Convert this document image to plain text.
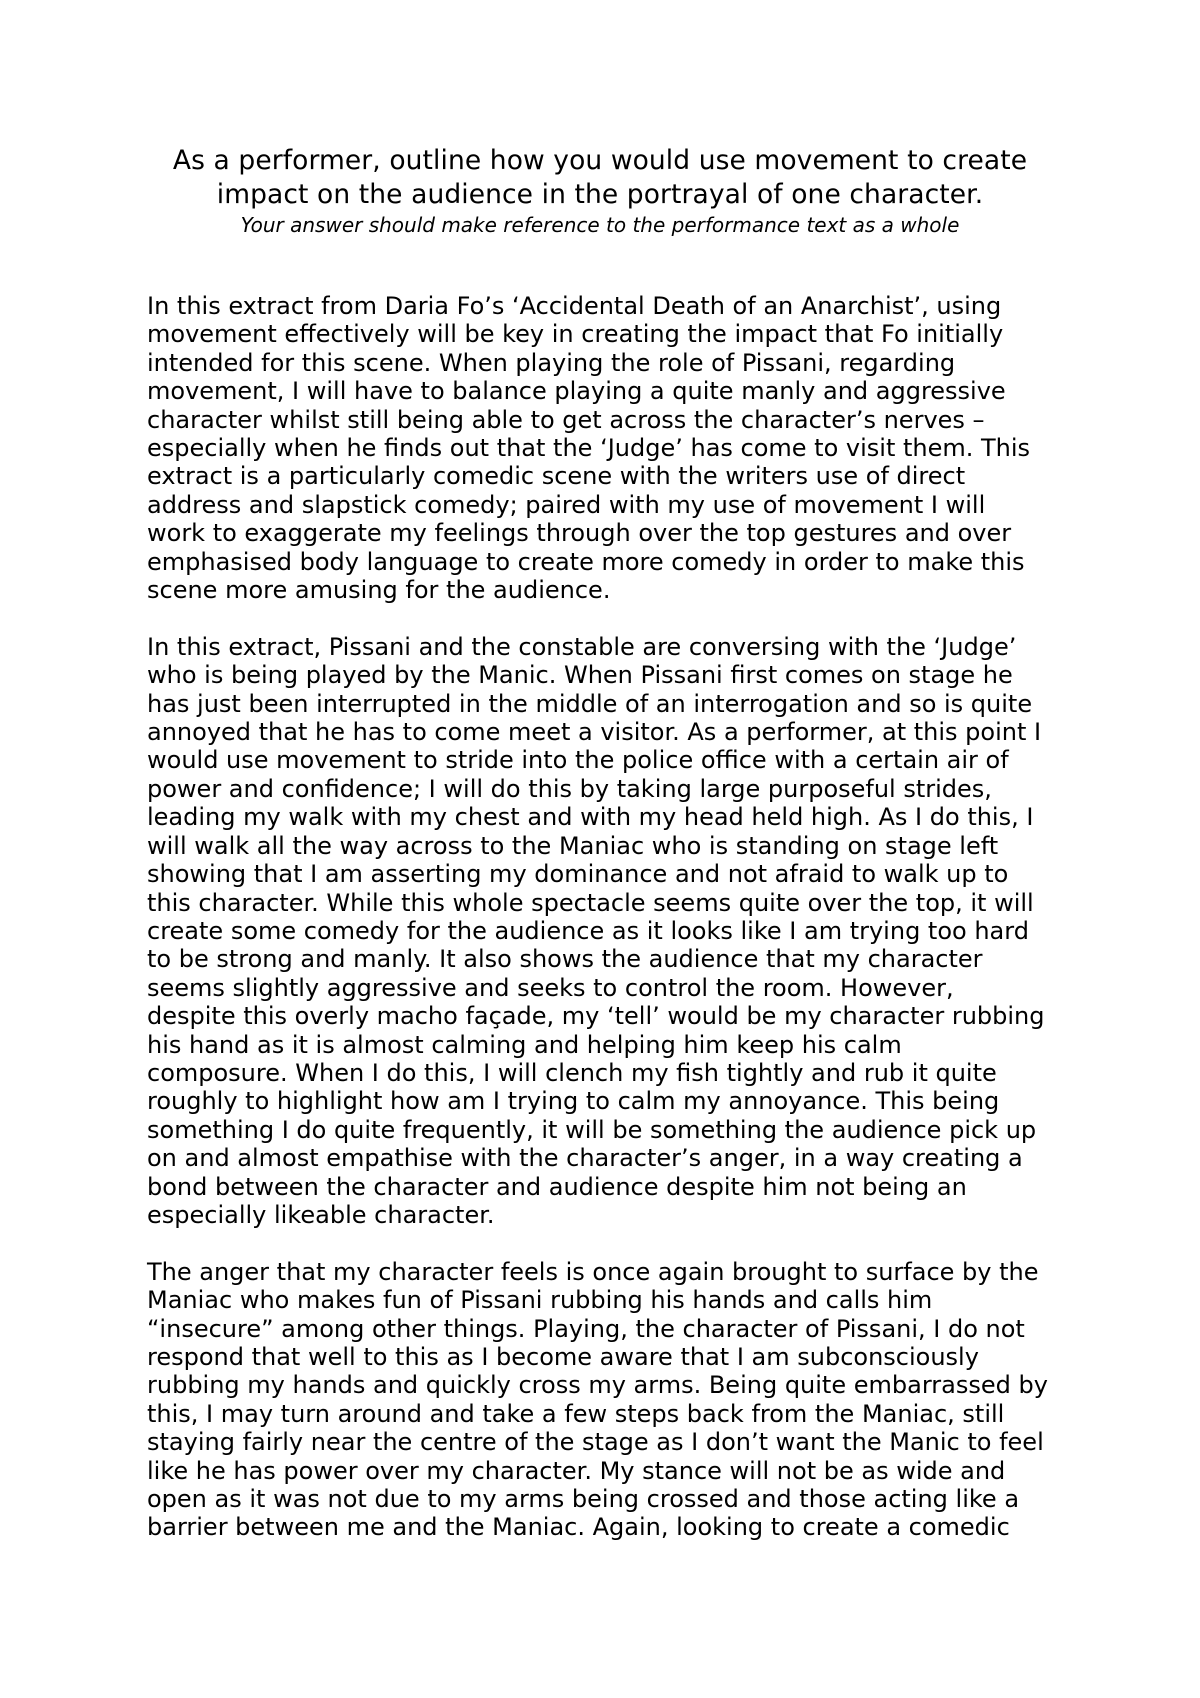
As a performer, outline how you would use movement to create
impact on the audience in the portrayal of one character.

Your answer should make reference to the performance text as a whole

In this extract from Daria Fo’s ‘Accidental Death of an Anarchist’, using
movement effectively will be key in creating the impact that Fo initially
intended for this scene. When playing the role of Pissani, regarding
movement, I will have to balance playing a quite manly and aggressive
character whilst still being able to get across the character’s nerves –
especially when he finds out that the ‘Judge’ has come to visit them. This
extract is a particularly comedic scene with the writers use of direct
address and slapstick comedy; paired with my use of movement I will
work to exaggerate my feelings through over the top gestures and over
emphasised body language to create more comedy in order to make this
scene more amusing for the audience.

In this extract, Pissani and the constable are conversing with the ‘Judge’
who is being played by the Manic. When Pissani first comes on stage he
has just been interrupted in the middle of an interrogation and so is quite
annoyed that he has to come meet a visitor. As a performer, at this point I
would use movement to stride into the police office with a certain air of
power and confidence; I will do this by taking large purposeful strides,
leading my walk with my chest and with my head held high. As I do this, I
will walk all the way across to the Maniac who is standing on stage left
showing that I am asserting my dominance and not afraid to walk up to
this character. While this whole spectacle seems quite over the top, it will
create some comedy for the audience as it looks like I am trying too hard
to be strong and manly. It also shows the audience that my character
seems slightly aggressive and seeks to control the room. However,
despite this overly macho façade, my ‘tell’ would be my character rubbing
his hand as it is almost calming and helping him keep his calm
composure. When I do this, I will clench my fish tightly and rub it quite
roughly to highlight how am I trying to calm my annoyance. This being
something I do quite frequently, it will be something the audience pick up
on and almost empathise with the character’s anger, in a way creating a
bond between the character and audience despite him not being an
especially likeable character.

The anger that my character feels is once again brought to surface by the
Maniac who makes fun of Pissani rubbing his hands and calls him
“insecure” among other things. Playing, the character of Pissani, I do not
respond that well to this as I become aware that I am subconsciously
rubbing my hands and quickly cross my arms. Being quite embarrassed by
this, I may turn around and take a few steps back from the Maniac, still
staying fairly near the centre of the stage as I don’t want the Manic to feel
like he has power over my character. My stance will not be as wide and
open as it was not due to my arms being crossed and those acting like a
barrier between me and the Maniac. Again, looking to create a comedic
